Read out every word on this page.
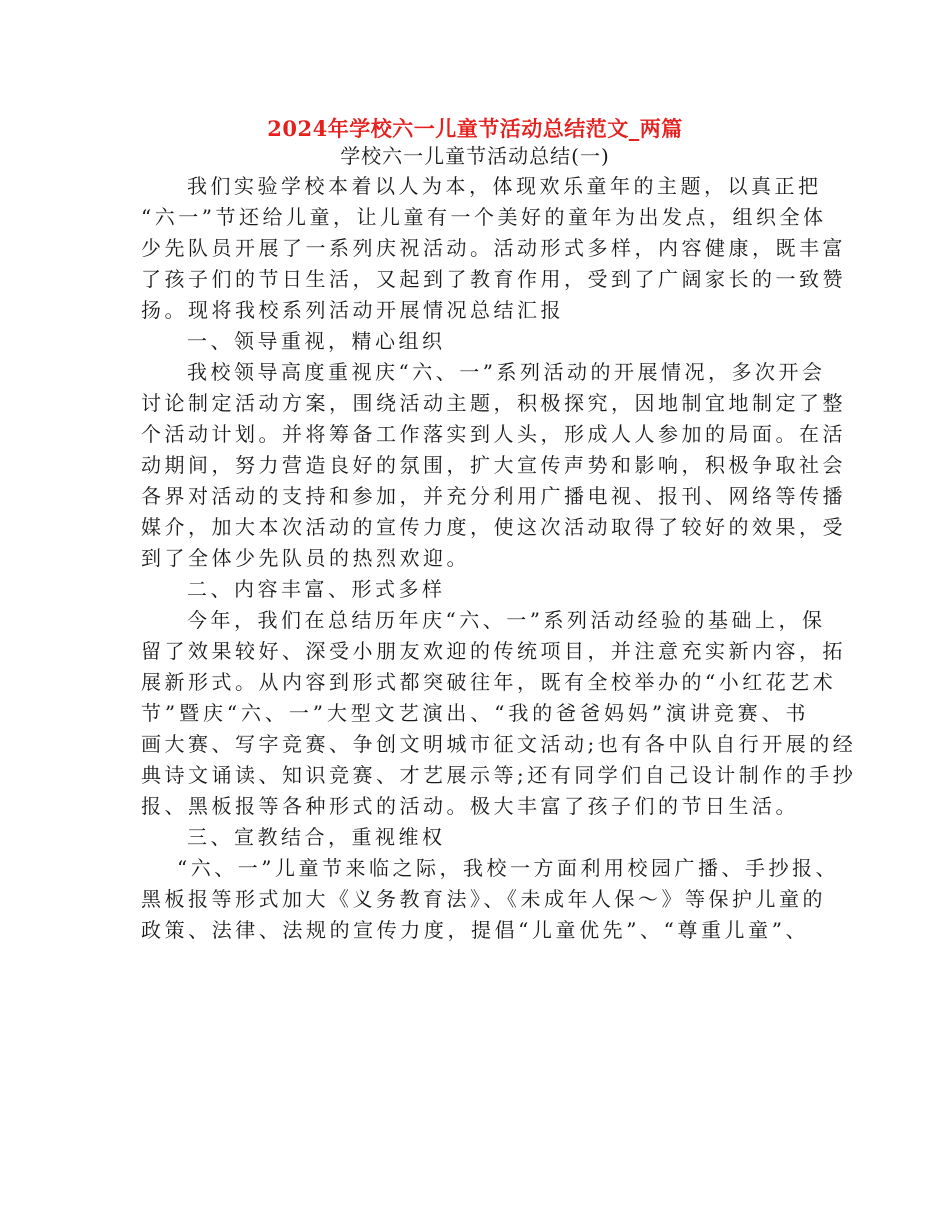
2024年学校六一儿童节活动总结范文_两篇
学校六一儿童节活动总结(一)
我们实验学校本着以人为本，体现欢乐童年的主题，以真正把
“六一”节还给儿童，让儿童有一个美好的童年为出发点，组织全体
少先队员开展了一系列庆祝活动。活动形式多样，内容健康，既丰富
了孩子们的节日生活，又起到了教育作用，受到了广阔家长的一致赞
扬。现将我校系列活动开展情况总结汇报
一、领导重视，精心组织
我校领导高度重视庆“六、一”系列活动的开展情况，多次开会
讨论制定活动方案，围绕活动主题，积极探究，因地制宜地制定了整
个活动计划。并将筹备工作落实到人头，形成人人参加的局面。在活
动期间，努力营造良好的氛围，扩大宣传声势和影响，积极争取社会
各界对活动的支持和参加，并充分利用广播电视、报刊、网络等传播
媒介，加大本次活动的宣传力度，使这次活动取得了较好的效果，受
到了全体少先队员的热烈欢迎。
二、内容丰富、形式多样
今年，我们在总结历年庆“六、一”系列活动经验的基础上，保
留了效果较好、深受小朋友欢迎的传统项目，并注意充实新内容，拓
展新形式。从内容到形式都突破往年，既有全校举办的“小红花艺术
节”暨庆“六、一”大型文艺演出、“我的爸爸妈妈”演讲竞赛、书
画大赛、写字竞赛、争创文明城市征文活动;也有各中队自行开展的经
典诗文诵读、知识竞赛、才艺展示等;还有同学们自己设计制作的手抄
报、黑板报等各种形式的活动。极大丰富了孩子们的节日生活。
三、宣教结合，重视维权
“六、一”儿童节来临之际，我校一方面利用校园广播、手抄报、
黑板报等形式加大《义务教育法》、《未成年人保～》等保护儿童的
政策、法律、法规的宣传力度，提倡“儿童优先”、“尊重儿童”、
